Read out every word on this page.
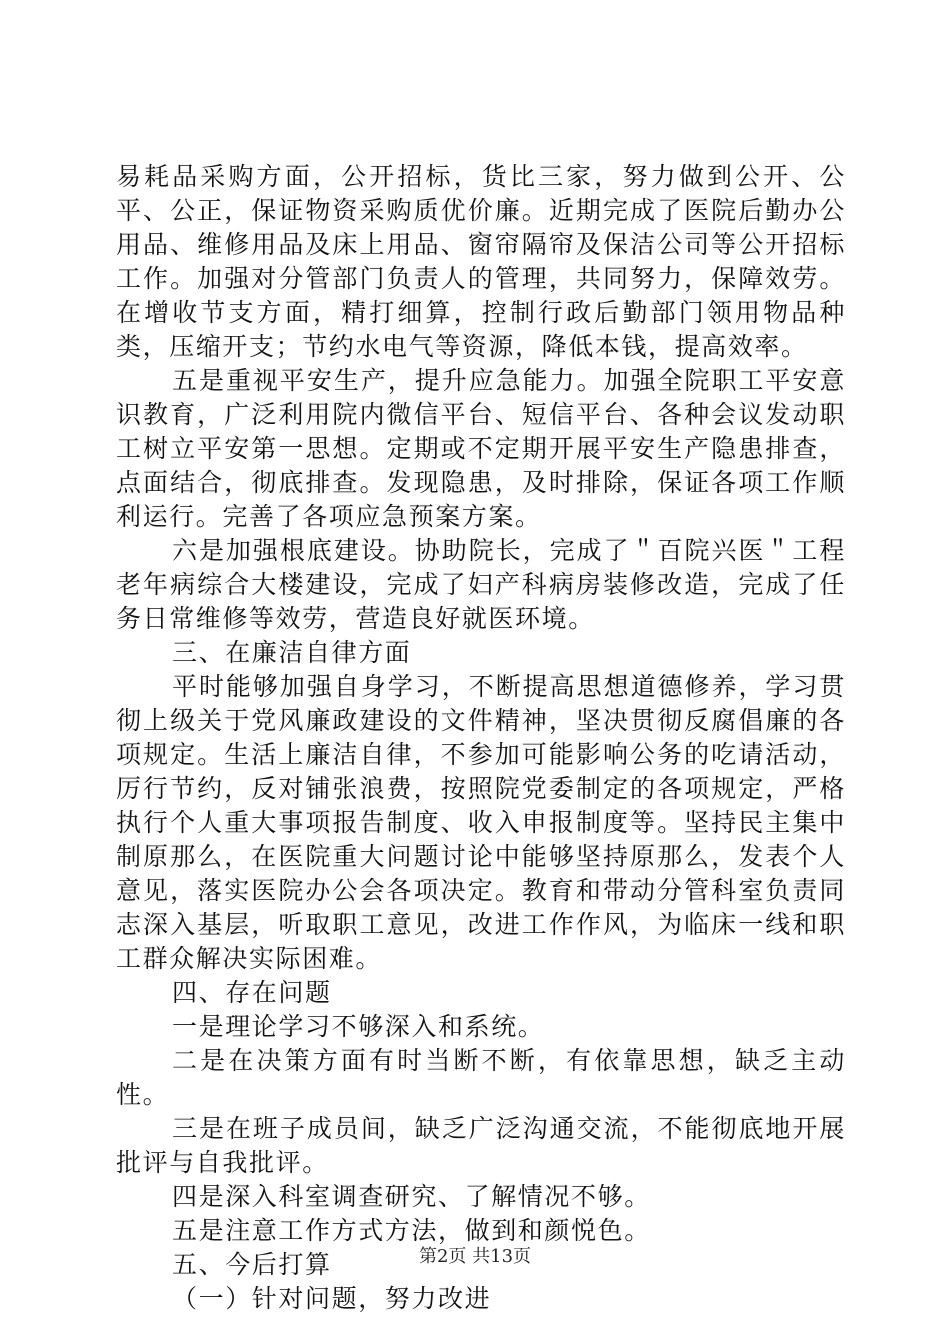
易耗品采购方面，公开招标，货比三家，努力做到公开、公平、公正，保证物资采购质优价廉。近期完成了医院后勤办公用品、维修用品及床上用品、窗帘隔帘及保洁公司等公开招标工作。加强对分管部门负责人的管理，共同努力，保障效劳。在增收节支方面，精打细算，控制行政后勤部门领用物品种类，压缩开支；节约水电气等资源，降低本钱，提高效率。

五是重视平安生产，提升应急能力。加强全院职工平安意识教育，广泛利用院内微信平台、短信平台、各种会议发动职工树立平安第一思想。定期或不定期开展平安生产隐患排查，点面结合，彻底排查。发现隐患，及时排除，保证各项工作顺利运行。完善了各项应急预案方案。

六是加强根底建设。协助院长，完成了＂百院兴医＂工程老年病综合大楼建设，完成了妇产科病房装修改造，完成了任务日常维修等效劳，营造良好就医环境。

三、在廉洁自律方面

平时能够加强自身学习，不断提高思想道德修养，学习贯彻上级关于党风廉政建设的文件精神，坚决贯彻反腐倡廉的各项规定。生活上廉洁自律，不参加可能影响公务的吃请活动，厉行节约，反对铺张浪费，按照院党委制定的各项规定，严格执行个人重大事项报告制度、收入申报制度等。坚持民主集中制原那么，在医院重大问题讨论中能够坚持原那么，发表个人意见，落实医院办公会各项决定。教育和带动分管科室负责同志深入基层，听取职工意见，改进工作作风，为临床一线和职工群众解决实际困难。

四、存在问题

一是理论学习不够深入和系统。

二是在决策方面有时当断不断，有依靠思想，缺乏主动性。

三是在班子成员间，缺乏广泛沟通交流，不能彻底地开展批评与自我批评。

四是深入科室调查研究、了解情况不够。

五是注意工作方式方法，做到和颜悦色。

五、今后打算

（一）针对问题，努力改进

第2页 共13页
